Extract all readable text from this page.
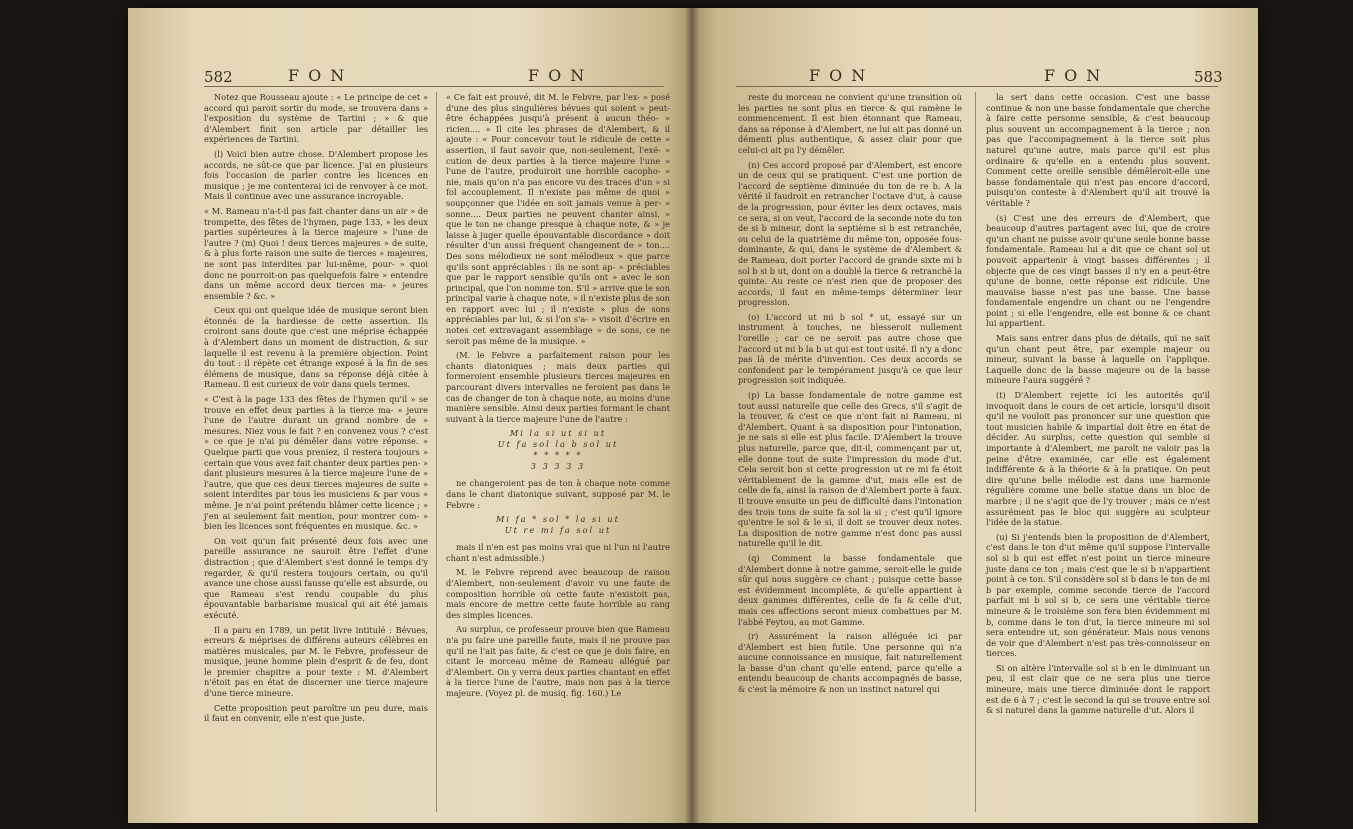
582	FON	FON

Notez que Rousseau ajoute : « Le principe de cet » accord qui paroit sortir du mode, se trouvera dans » l'exposition du système de Tartini ; » & que d'Alembert finit son article par détailler les expériences de Tartini.

(l) Voici bien autre chose. D'Alembert propose les accords, ne sût-ce que par licence. J'ai en plusieurs fois l'occasion de parler contre les licences en musique ; je me contenterai ici de renvoyer à ce mot. Mais il continue avec une assurance incroyable.

« M. Rameau n'a-t-il pas fait chanter dans un air » de trompette, des fêtes de l'hymen, page 133, » les deux parties supérieures à la tierce majeure » l'une de l'autre ? (m) Quoi ! deux tierces majeures » de suite, & à plus forte raison une suite de tierces » majeures, ne sont pas interdites par lui-même, pour- » quoi donc ne pourroit-on pas quelquefois faire » entendre dans un même accord deux tierces ma- » jeures ensemble ? &c. »

Ceux qui ont quelque idée de musique seront bien étonnés de la hardiesse de cette assertion. Ils croiront sans doute que c'est une méprise échappée à d'Alembert dans un moment de distraction, & sur laquelle il est revenu à la première objection. Point du tout : il répète cet étrange exposé à la fin de ses élémens de musique, dans sa réponse déjà citée à Rameau. Il est curieux de voir dans quels termes.

« C'est à la page 133 des fêtes de l'hymen qu'il » se trouve en effet deux parties à la tierce ma- » jeure l'une de l'autre durant un grand nombre de » mesures. Niez vous le fait ? en convenez vous ? c'est » ce que je n'ai pu démêler dans votre réponse. » Quelque parti que vous preniez, il restera toujours » certain que vous avez fait chanter deux parties pen- » dant plusieurs mesures à la tierce majeure l'une de » l'autre, que que ces deux tierces majeures de suite » soient interdites par tous les musiciens & par vous » même. Je n'ai point prétendu blâmer cette licence ; » j'en ai seulement fait mention, pour montrer com- » bien les licences sont fréquentes en musique. &c. »

On voit qu'un fait présenté deux fois avec une pareille assurance ne sauroit être l'effet d'une distraction ; que d'Alembert s'est donné le temps d'y regarder, & qu'il restera toujours certain, ou qu'il avance une chose aussi fausse qu'elle est absurde, ou que Rameau s'est rendu coupable du plus épouvantable barbarisme musical qui ait été jamais exécuté.

Il a paru en 1789, un petit livre intitulé : Bévues, erreurs & méprises de différens auteurs célèbres en matières musicales, par M. le Febvre, professeur de musique, jeune homme plein d'esprit & de feu, dont le premier chapitre a pour texte : M. d'Alembert n'étoit pas en état de discerner une tierce majeure d'une tierce mineure.

Cette proposition peut paroître un peu dure, mais il faut en convenir, elle n'est que juste.

« Ce fait est prouvé, dit M. le Febvre, par l'ex- » posé d'une des plus singulières bévues qui soient » peut-être échappées jusqu'à présent à aucun théo- » ricien.... » Il cite les phrases de d'Alembert, & il ajoute : « Pour concevoir tout le ridicule de cette » assertion, il faut savoir que, non-seulement, l'exé- » cution de deux parties à la tierce majeure l'une » l'une de l'autre, produiroit une horrible cacopho- » nie, mais qu'on n'a pas encore vu des traces d'un » si fol accouplement. Il n'existe pas même de quoi » soupçonner que l'idée en soit jamais venue à per- » sonne.... Deux parties ne peuvent chanter ainsi, » que le ton ne change presque à chaque note, & » je laisse à juger quelle épouvantable discordance » doit résulter d'un aussi fréquent changement de » ton.... Des sons mélodieux ne sont mélodieux » que parce qu'ils sont appréciables : ils ne sont ap- » préciables que par le rapport sensible qu'ils ont » avec le son principal, que l'on nomme ton. S'il » arrive que le son principal varie à chaque note, » il n'existe plus de son en rapport avec lui ; il n'existe » plus de sons appréciables par lui, & si l'on s'a- » visoit d'écrire en notes cet extravagant assemblage » de sons, ce ne seroit pas même de la musique. »

(M. le Febvre a parfaitement raison pour les chants diatoniques ; mais deux parties qui formeroient ensemble plusieurs tierces majeures en parcourant divers intervalles ne feroient pas dans le cas de changer de ton à chaque note, au moins d'une manière sensible. Ainsi deux parties formant le chant suivant à la tierce majeure l'une de l'autre :

Mi la si ut si ut
Ut fa sol la b sol ut
* * * * *
3 3 3 3 3

ne changeroient pas de ton à chaque note comme dans le chant diatonique suivant, supposé par M. le Febvre :

Mi fa * sol * la si ut
Ut re mi fa sol ut

mais il n'en est pas moins vrai que ni l'un ni l'autre chant n'est admissible.)

M. le Febvre reprend avec beaucoup de raison d'Alembert, non-seulement d'avoir vu une faute de composition horrible où cette faute n'existoit pas, mais encore de mettre cette faute horrible au rang des simples licences.

Au surplus, ce professeur prouve bien que Rameau n'a pu faire une pareille faute, mais il ne prouve pas qu'il ne l'ait pas faite, & c'est ce que je dois faire, en citant le morceau même de Rameau allégué par d'Alembert. On y verra deux parties chantant en effet à la tierce l'une de l'autre, mais non pas à la tierce majeure. (Voyez pl. de musiq. fig. 160.) Le

FON	FON	583

reste du morceau ne convient qu'une transition où les parties ne sont plus en tierce & qui ramène le commencement. Il est bien étonnant que Rameau, dans sa réponse à d'Alembert, ne lui ait pas donné un démenti plus authentique, & assez clair pour que celui-ci ait pu l'y démêler.

(n) Ces accord proposé par d'Alembert, est encore un de ceux qui se pratiquent. C'est une portion de l'accord de septième diminuée du ton de re b. A la vérité il faudroit en retrancher l'octave d'ut, à cause de la progression, pour éviter les deux octaves, mais ce sera, si on veut, l'accord de la seconde note du ton de si b mineur, dont la septième si b est retranchée, ou celui de la quatrième du même ton, opposée fous-dominante, & qui, dans le système de d'Alembert & de Rameau, doit porter l'accord de grande sixte mi b sol b si b ut, dont on a doublé la tierce & retranché la quinte. Au reste ce n'est rien que de proposer des accords, il faut en même-temps déterminer leur progression.

(o) L'accord ut mi b sol * ut, essayé sur un instrument à touches, ne blesseroit nullement l'oreille ; car ce ne seroit pas autre chose que l'accord ut mi b la b ut qui est tout usité. Il n'y a donc pas là de mérite d'invention. Ces deux accords se confondent par le tempérament jusqu'à ce que leur progression soit indiquée.

(p) La basse fondamentale de notre gamme est tout aussi naturelle que celle des Grecs, s'il s'agit de la trouver, & c'est ce que n'ont fait ni Rameau, ni d'Alembert. Quant à sa disposition pour l'intonation, je ne sais si elle est plus facile. D'Alembert la trouve plus naturelle, parce que, dit-il, commençant par ut, elle donne tout de suite l'impression du mode d'ut. Cela seroit bon si cette progression ut re mi fa étoit véritablement de la gamme d'ut, mais elle est de celle de fa, ainsi la raison de d'Alembert porte à faux. Il trouve ensuite un peu de difficulté dans l'intonation des trois tons de suite fa sol la si ; c'est qu'il ignore qu'entre le sol & le si, il doit se trouver deux notes. La disposition de notre gamme n'est donc pas aussi naturelle qu'il le dit.

(q) Comment la basse fondamentale que d'Alembert donne à notre gamme, seroit-elle le guide sûr qui nous suggère ce chant ; puisque cette basse est évidemment incomplète, & qu'elle appartient à deux gammes différentes, celle de fa & celle d'ut, mais ces affections seront mieux combattues par M. l'abbé Feytou, au mot Gamme.

(r) Assurément la raison alléguée ici par d'Alembert est bien futile. Une personne qui n'a aucune connoissance en musique, fait naturellement la basse d'un chant qu'elle entend, parce qu'elle a entendu beaucoup de chants accompagnés de basse, & c'est la mémoire & non un instinct naturel qui

la sert dans cette occasion. C'est une basse continue & non une basse fondamentale que cherche à faire cette personne sensible, & c'est beaucoup plus souvent un accompagnement à la tierce ; non pas que l'accompagnement à la tierce soit plus naturel qu'une autre, mais parce qu'il est plus ordinaire & qu'elle en a entendu plus souvent. Comment cette oreille sensible démêleroit-elle une basse fondamentale qui n'est pas encore d'accord, puisqu'on conteste à d'Alembert qu'il ait trouvé la véritable ?

(s) C'est une des erreurs de d'Alembert, que beaucoup d'autres partagent avec lui, que de croire qu'un chant ne puisse avoir qu'une seule bonne basse fondamentale. Rameau lui a dit que ce chant sol ut pouvoit appartenir à vingt basses différentes ; il objecte que de ces vingt basses il n'y en a peut-être qu'une de bonne, cette réponse est ridicule. Une mauvaise basse n'est pas une basse. Une basse fondamentale engendre un chant ou ne l'engendre point ; si elle l'engendre, elle est bonne & ce chant lui appartient.

Mais sans entrer dans plus de détails, qui ne sait qu'un chant peut être, par exemple majeur ou mineur, suivant la basse à laquelle on l'applique. Laquelle donc de la basse majeure ou de la basse mineure l'aura suggéré ?

(t) D'Alembert rejette ici les autorités qu'il invoquoit dans le cours de cet article, lorsqu'il disoit qu'il ne vouloit pas prononcer sur une question que tout musicien habile & impartial doit être en état de décider. Au surplus, cette question qui semble si importante à d'Alembert, me paroît ne valoir pas la peine d'être examinée, car elle est également indifférente & à la théorie & à la pratique. On peut dire qu'une belle mélodie est dans une harmonie régulière comme une belle statue dans un bloc de marbre ; il ne s'agit que de l'y trouver ; mais ce n'est assurément pas le bloc qui suggère au sculpteur l'idée de la statue.

(u) Si j'entends bien la proposition de d'Alembert, c'est dans le ton d'ut même qu'il suppose l'intervalle sol si b qui est effet n'est point un tierce mineure juste dans ce ton ; mais c'est que le si b n'appartient point à ce ton. S'il considère sol si b dans le ton de mi b par exemple, comme seconde tierce de l'accord parfait mi b sol si b, ce sera une véritable tierce mineure & le troisième son fera bien évidemment mi b, comme dans le ton d'ut, la tierce mineure mi sol sera entendre ut, son générateur. Mais nous venons de voir que d'Alembert n'est pas très-connoisseur en tierces.

Si on altère l'intervalle sol si b en le diminuant un peu, il est clair que ce ne sera plus une tierce mineure, mais une tierce diminuée dont le rapport est de 6 à 7 ; c'est le second la qui se trouve entre sol & si naturel dans la gamme naturelle d'ut. Alors il
